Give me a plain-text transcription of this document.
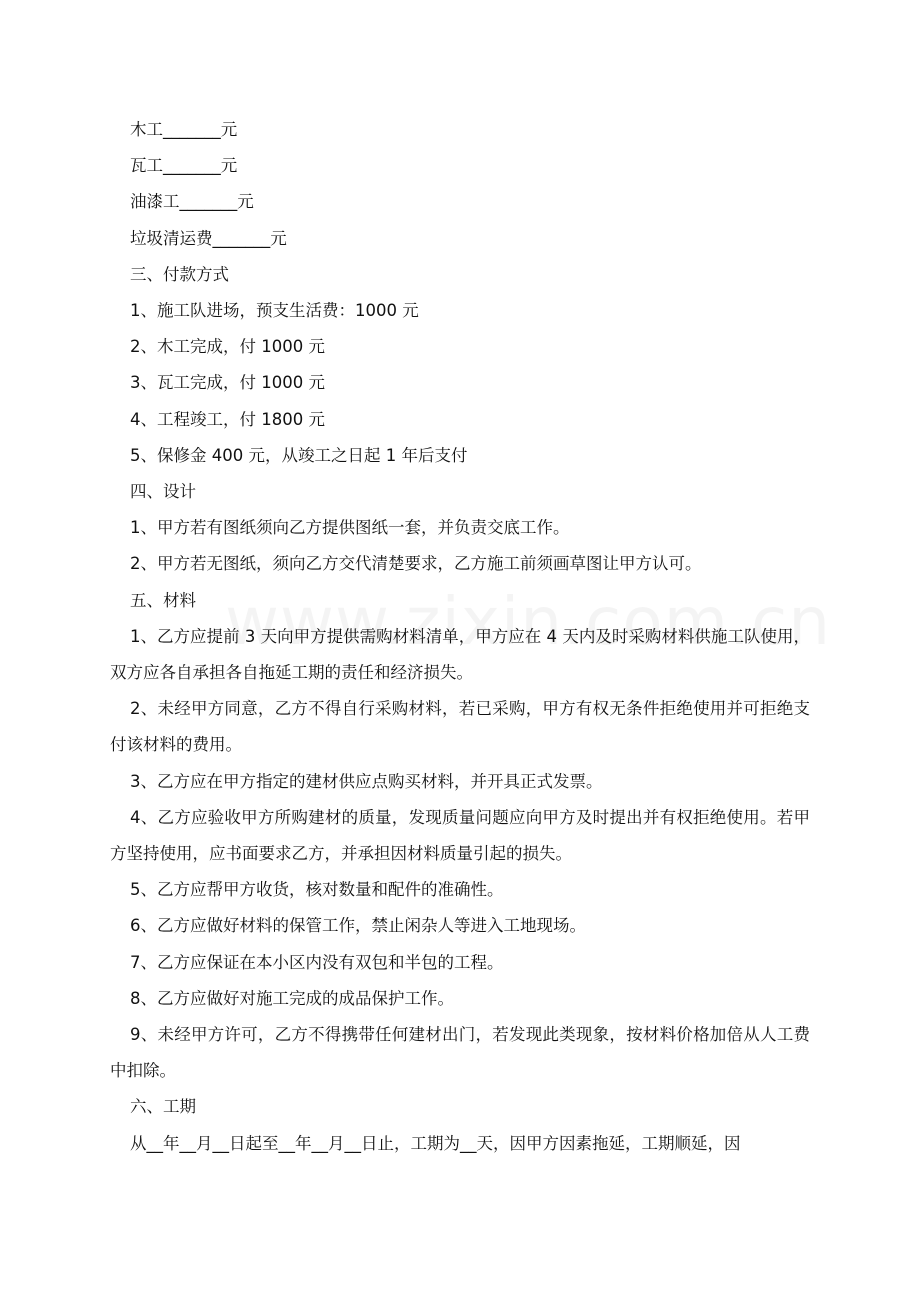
木工_______元

瓦工_______元

油漆工_______元

垃圾清运费_______元

三、付款方式

1、施工队进场，预支生活费：1000 元

2、木工完成，付 1000 元

3、瓦工完成，付 1000 元

4、工程竣工，付 1800 元

5、保修金 400 元，从竣工之日起 1 年后支付

四、设计

1、甲方若有图纸须向乙方提供图纸一套，并负责交底工作。

2、甲方若无图纸，须向乙方交代清楚要求，乙方施工前须画草图让甲方认可。

五、材料

1、乙方应提前 3 天向甲方提供需购材料清单，甲方应在 4 天内及时采购材料供施工队使用，双方应各自承担各自拖延工期的责任和经济损失。

2、未经甲方同意，乙方不得自行采购材料，若已采购，甲方有权无条件拒绝使用并可拒绝支付该材料的费用。

3、乙方应在甲方指定的建材供应点购买材料，并开具正式发票。

4、乙方应验收甲方所购建材的质量，发现质量问题应向甲方及时提出并有权拒绝使用。若甲方坚持使用，应书面要求乙方，并承担因材料质量引起的损失。

5、乙方应帮甲方收货，核对数量和配件的准确性。

6、乙方应做好材料的保管工作，禁止闲杂人等进入工地现场。

7、乙方应保证在本小区内没有双包和半包的工程。

8、乙方应做好对施工完成的成品保护工作。

9、未经甲方许可，乙方不得携带任何建材出门，若发现此类现象，按材料价格加倍从人工费中扣除。

六、工期

从__年__月__日起至__年__月__日止，工期为__天，因甲方因素拖延，工期顺延，因
